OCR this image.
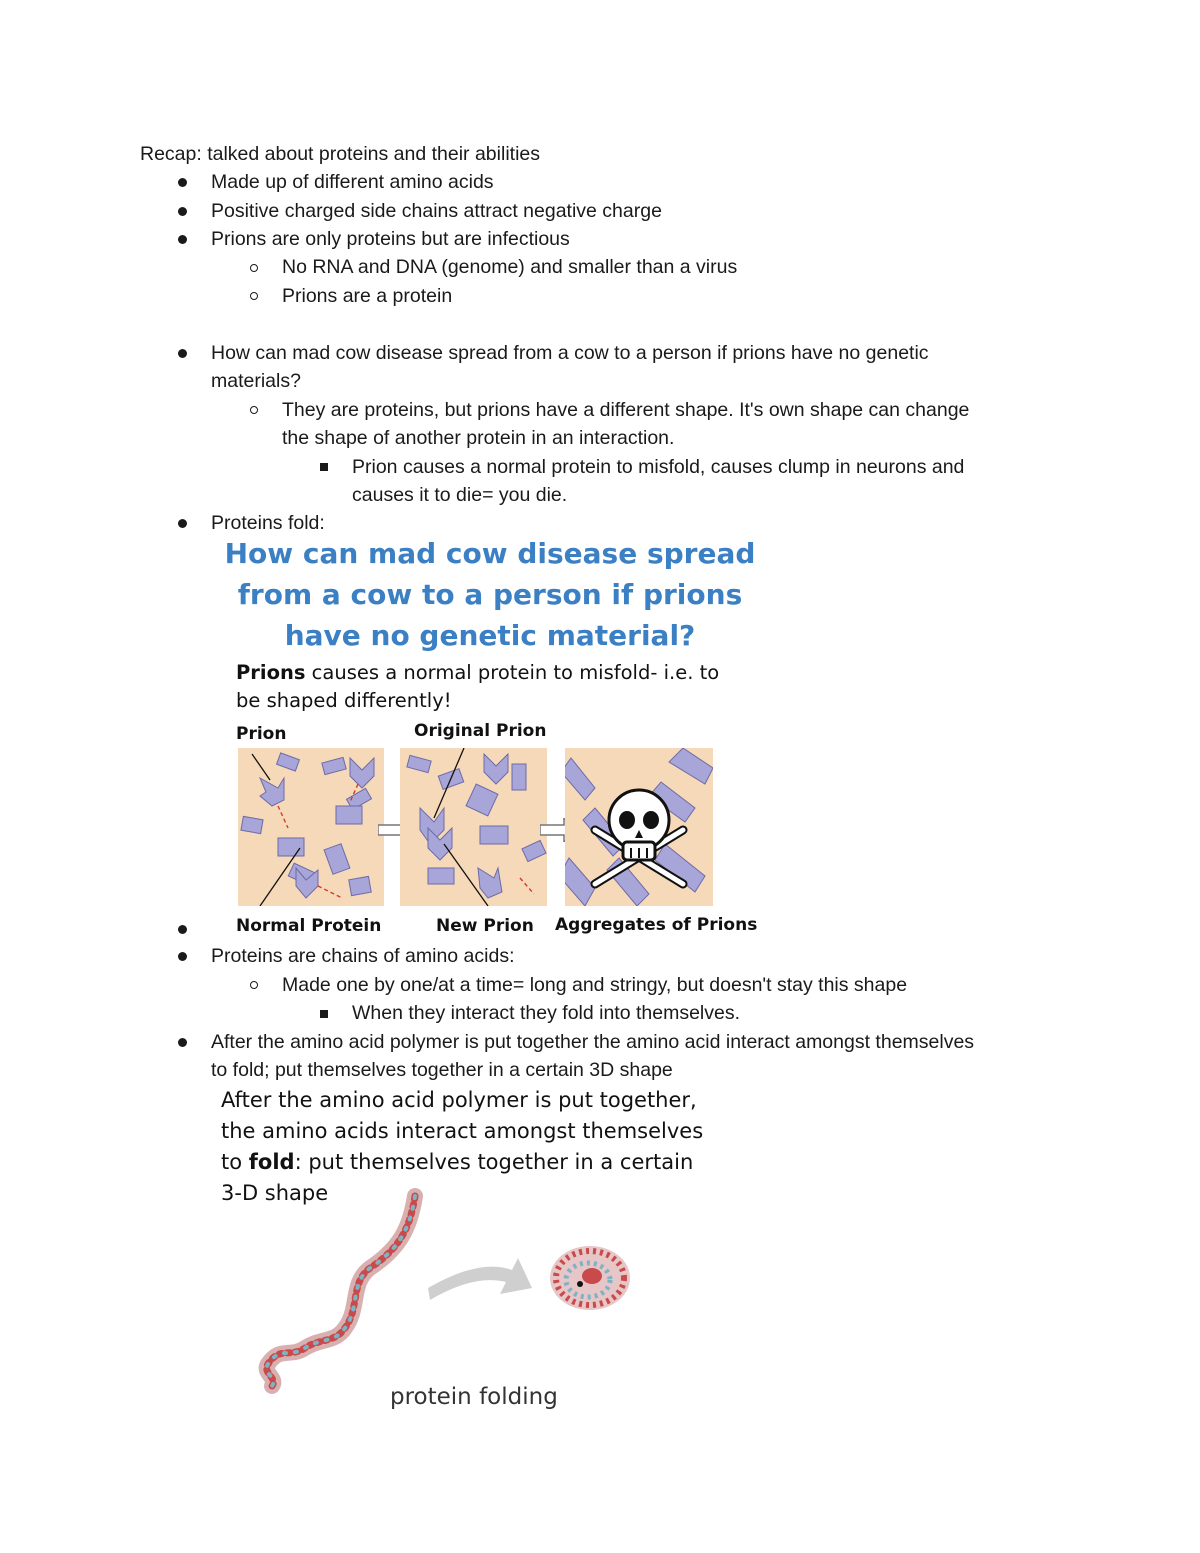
Recap: talked about proteins and their abilities
Made up of different amino acids
Positive charged side chains attract negative charge
Prions are only proteins but are infectious
No RNA and DNA (genome) and smaller than a virus
Prions are a protein
How can mad cow disease spread from a cow to a person if prions have no genetic
materials?
They are proteins, but prions have a different shape. It's own shape can change
the shape of another protein in an interaction.
Prion causes a normal protein to misfold, causes clump in neurons and
causes it to die= you die.
Proteins fold:
How can mad cow disease spread
from a cow to a person if prions
have no genetic material?
Prions causes a normal protein to misfold- i.e. to
be shaped differently!
Prion	Original Prion
Normal Protein	New Prion Aggregates of Prions
Proteins are chains of amino acids:
Made one by one/at a time= long and stringy, but doesn't stay this shape
When they interact they fold into themselves.
After the amino acid polymer is put together the amino acid interact amongst themselves
to fold; put themselves together in a certain 3D shape
After the amino acid polymer is put together,
the amino acids interact amongst themselves
to fold: put themselves together in a certain
3-D shape
protein folding
